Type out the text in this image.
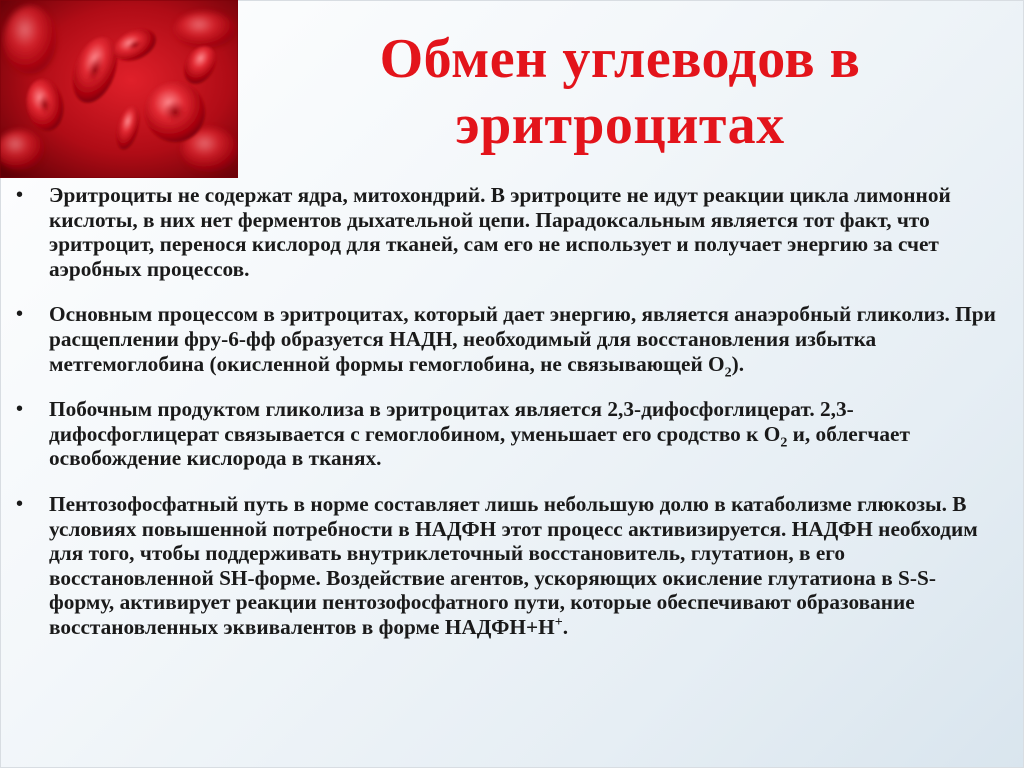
Обмен углеводов в
эритроцитах
•	Эритроциты не содержат ядра, митохондрий. В эритроците не идут реакции цикла лимонной кислоты, в них нет ферментов дыхательной цепи. Парадоксальным является тот факт, что эритроцит, перенося кислород для тканей, сам его не использует и получает энергию за счет аэробных процессов.
•	Основным процессом в эритроцитах, который дает энергию, является анаэробный гликолиз. При расщеплении фру-6-фф образуется НАДН, необходимый для восстановления избытка метгемоглобина (окисленной формы гемоглобина, не связывающей $О_2$).
•	Побочным продуктом гликолиза в эритроцитах является 2,3-дифосфоглицерат. 2,3-дифосфоглицерат связывается с гемоглобином, уменьшает его сродство к $О_2$ и, облегчает освобождение кислорода в тканях.
•	Пентозофосфатный путь в норме составляет лишь небольшую долю в катаболизме глюкозы. В условиях повышенной потребности в НАДФН этот процесс активизируется. НАДФН необходим для того, чтобы поддерживать внутриклеточный восстановитель, глутатион, в его восстановленной SH-форме. Воздействие агентов, ускоряющих окисление глутатиона в S-S-форму, активирует реакции пентозофосфатного пути, которые обеспечивают образование восстановленных эквивалентов в форме НАДФН+Н+.
